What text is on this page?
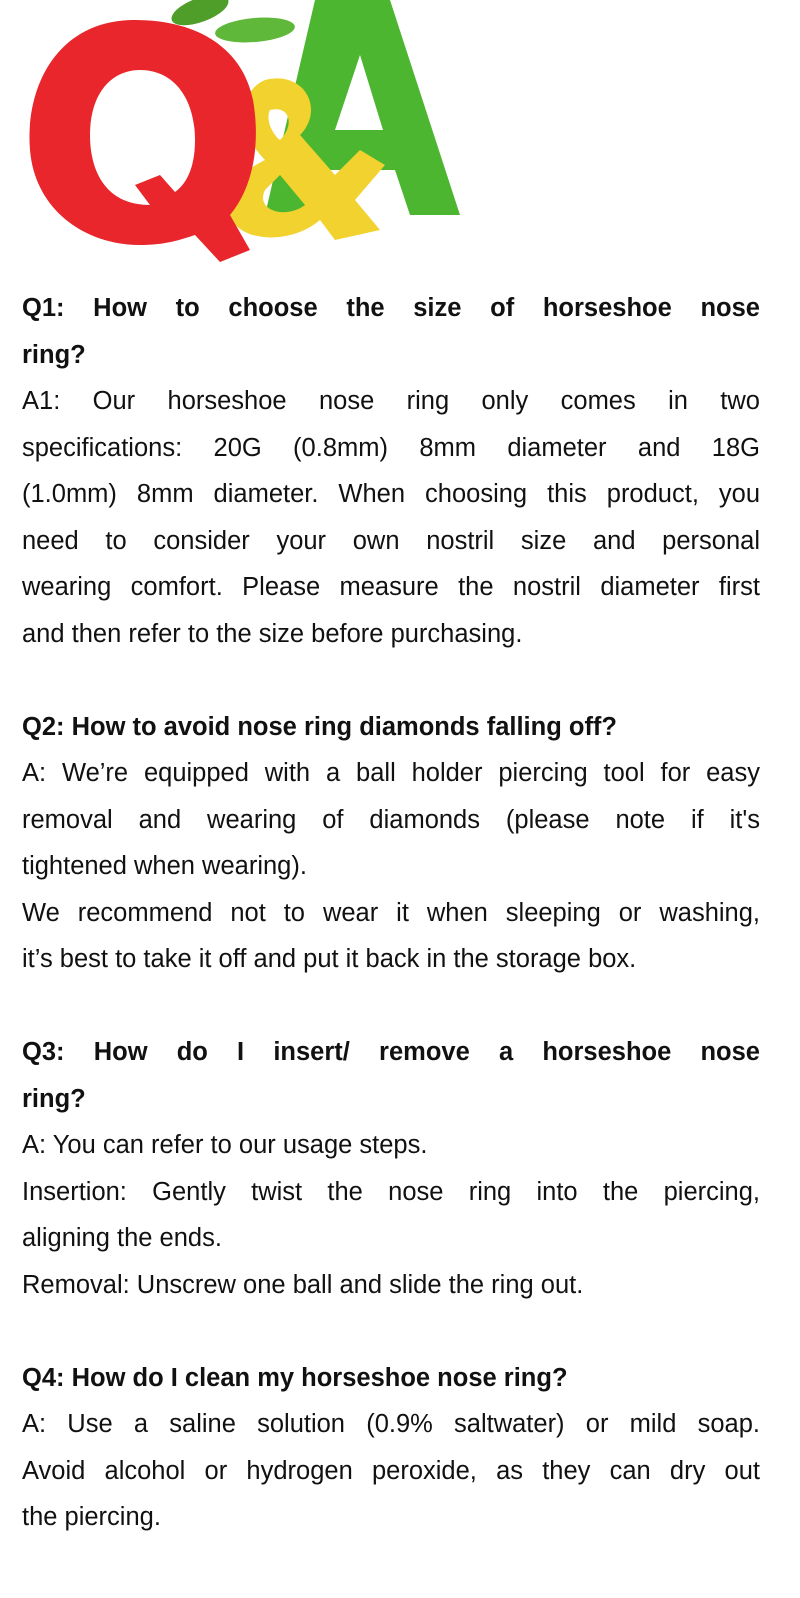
Q1: How to choose the size of horseshoe nose
ring?
A1: Our horseshoe nose ring only comes in two
specifications: 20G (0.8mm) 8mm diameter and 18G
(1.0mm) 8mm diameter. When choosing this product, you
need to consider your own nostril size and personal
wearing comfort. Please measure the nostril diameter first
and then refer to the size before purchasing.
Q2: How to avoid nose ring diamonds falling off?
A: We’re equipped with a ball holder piercing tool for easy
removal and wearing of diamonds (please note if it's
tightened when wearing).
We recommend not to wear it when sleeping or washing,
it’s best to take it off and put it back in the storage box.
Q3: How do I insert/ remove a horseshoe nose
ring?
A: You can refer to our usage steps.
Insertion: Gently twist the nose ring into the piercing,
aligning the ends.
Removal: Unscrew one ball and slide the ring out.
Q4: How do I clean my horseshoe nose ring?
A: Use a saline solution (0.9% saltwater) or mild soap.
Avoid alcohol or hydrogen peroxide, as they can dry out
the piercing.
